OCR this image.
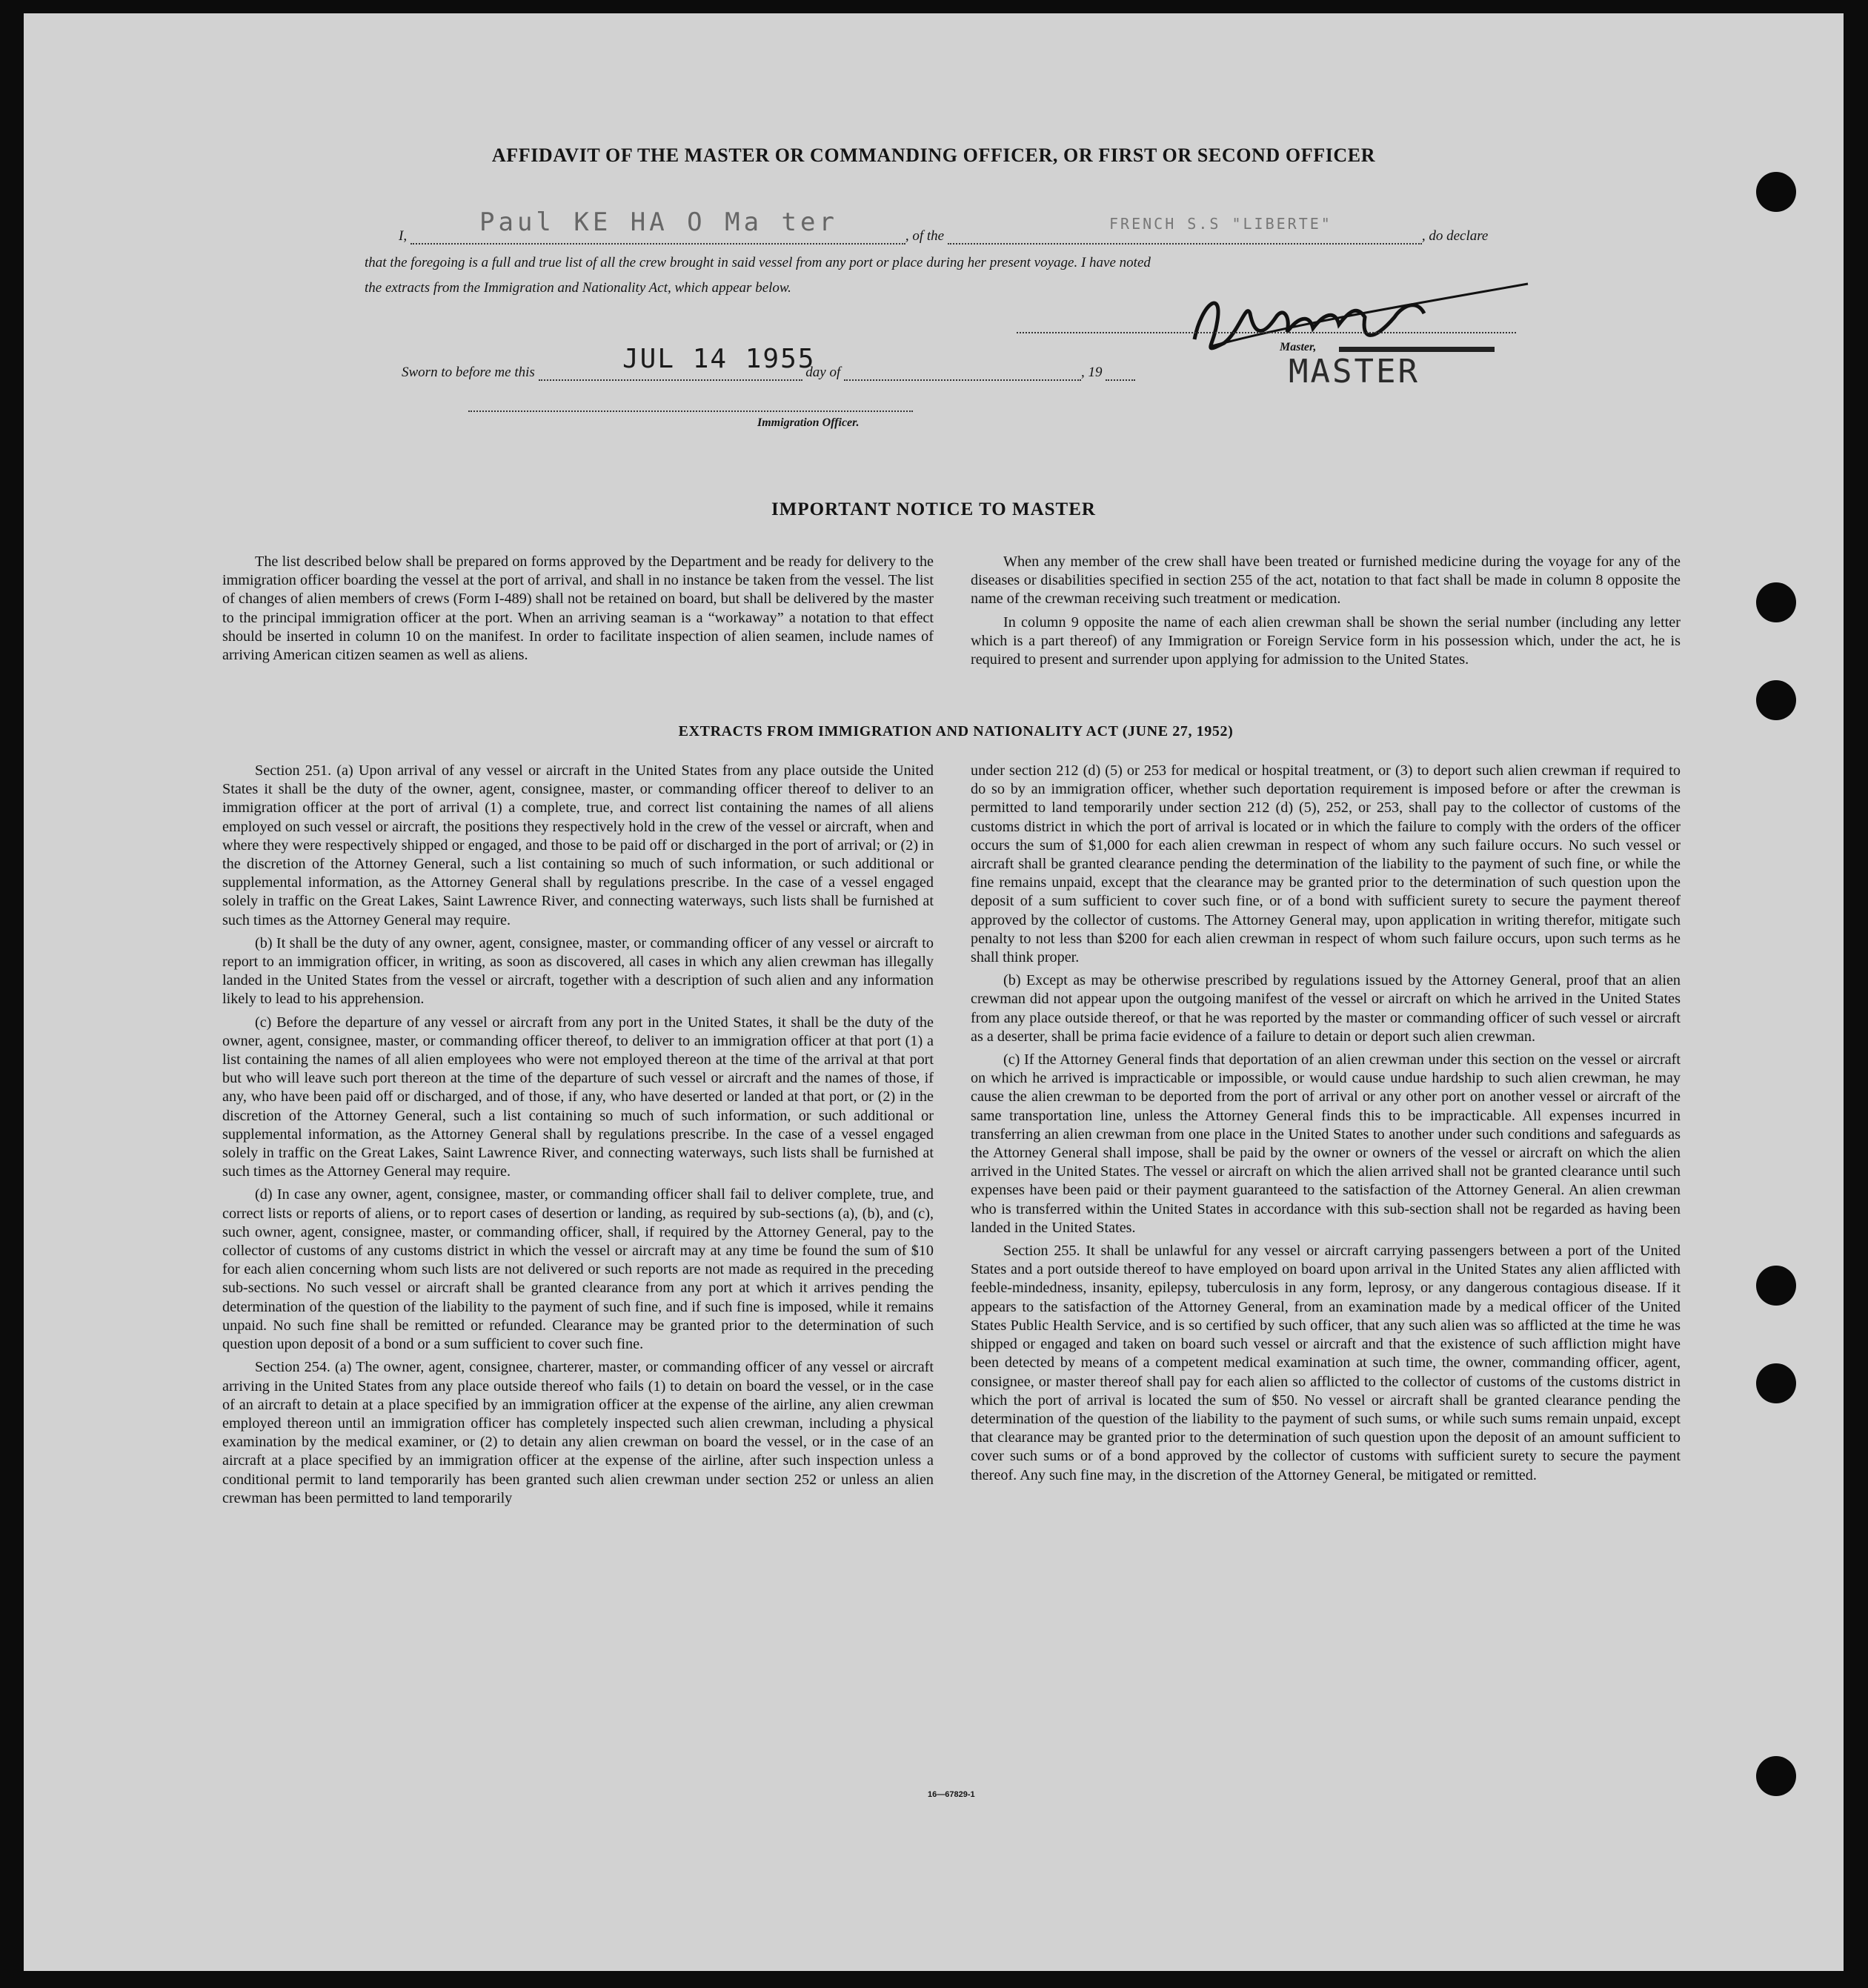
AFFIDAVIT OF THE MASTER OR COMMANDING OFFICER, OR FIRST OR SECOND OFFICER
I,	, of the	, do declare
Paul KE HA O Ma ter	FRENCH S.S "LIBERTE"
that the foregoing is a full and true list of all the crew brought in said vessel from any port or place during her present voyage. I have noted
the extracts from the Immigration and Nationality Act, which appear below.
Master,
Sworn to before me this	day of	, 19
JUL 14 1955	MASTER
Immigration Officer.
IMPORTANT NOTICE TO MASTER

The list described below shall be prepared on forms approved by the Department and be ready for delivery to the immigration officer boarding the vessel at the port of arrival, and shall in no instance be taken from the vessel. The list of changes of alien members of crews (Form I-489) shall not be retained on board, but shall be delivered by the master to the principal immigration officer at the port. When an arriving seaman is a “workaway” a notation to that effect should be inserted in column 10 on the manifest. In order to facilitate inspection of alien seamen, include names of arriving American citizen seamen as well as aliens.

When any member of the crew shall have been treated or furnished medicine during the voyage for any of the diseases or disabilities specified in section 255 of the act, notation to that fact shall be made in column 8 opposite the name of the crewman receiving such treatment or medication.

In column 9 opposite the name of each alien crewman shall be shown the serial number (including any letter which is a part thereof) of any Immigration or Foreign Service form in his possession which, under the act, he is required to present and surrender upon applying for admission to the United States.

EXTRACTS FROM IMMIGRATION AND NATIONALITY ACT (JUNE 27, 1952)

Section 251. (a) Upon arrival of any vessel or aircraft in the United States from any place outside the United States it shall be the duty of the owner, agent, consignee, master, or commanding officer thereof to deliver to an immigration officer at the port of arrival (1) a complete, true, and correct list containing the names of all aliens employed on such vessel or aircraft, the positions they respectively hold in the crew of the vessel or aircraft, when and where they were respectively shipped or engaged, and those to be paid off or discharged in the port of arrival; or (2) in the discretion of the Attorney General, such a list containing so much of such information, or such additional or supplemental information, as the Attorney General shall by regulations prescribe. In the case of a vessel engaged solely in traffic on the Great Lakes, Saint Lawrence River, and connecting waterways, such lists shall be furnished at such times as the Attorney General may require.

(b) It shall be the duty of any owner, agent, consignee, master, or commanding officer of any vessel or aircraft to report to an immigration officer, in writing, as soon as discovered, all cases in which any alien crewman has illegally landed in the United States from the vessel or aircraft, together with a description of such alien and any information likely to lead to his apprehension.

(c) Before the departure of any vessel or aircraft from any port in the United States, it shall be the duty of the owner, agent, consignee, master, or commanding officer thereof, to deliver to an immigration officer at that port (1) a list containing the names of all alien employees who were not employed thereon at the time of the arrival at that port but who will leave such port thereon at the time of the departure of such vessel or aircraft and the names of those, if any, who have been paid off or discharged, and of those, if any, who have deserted or landed at that port, or (2) in the discretion of the Attorney General, such a list containing so much of such information, or such additional or supplemental information, as the Attorney General shall by regulations prescribe. In the case of a vessel engaged solely in traffic on the Great Lakes, Saint Lawrence River, and connecting waterways, such lists shall be furnished at such times as the Attorney General may require.

(d) In case any owner, agent, consignee, master, or commanding officer shall fail to deliver complete, true, and correct lists or reports of aliens, or to report cases of desertion or landing, as required by sub-sections (a), (b), and (c), such owner, agent, consignee, master, or commanding officer, shall, if required by the Attorney General, pay to the collector of customs of any customs district in which the vessel or aircraft may at any time be found the sum of $10 for each alien concerning whom such lists are not delivered or such reports are not made as required in the preceding sub-sections. No such vessel or aircraft shall be granted clearance from any port at which it arrives pending the determination of the question of the liability to the payment of such fine, and if such fine is imposed, while it remains unpaid. No such fine shall be remitted or refunded. Clearance may be granted prior to the determination of such question upon deposit of a bond or a sum sufficient to cover such fine.

Section 254. (a) The owner, agent, consignee, charterer, master, or commanding officer of any vessel or aircraft arriving in the United States from any place outside thereof who fails (1) to detain on board the vessel, or in the case of an aircraft to detain at a place specified by an immigration officer at the expense of the airline, any alien crewman employed thereon until an immigration officer has completely inspected such alien crewman, including a physical examination by the medical examiner, or (2) to detain any alien crewman on board the vessel, or in the case of an aircraft at a place specified by an immigration officer at the expense of the airline, after such inspection unless a conditional permit to land temporarily has been granted such alien crewman under section 252 or unless an alien crewman has been permitted to land temporarily

under section 212 (d) (5) or 253 for medical or hospital treatment, or (3) to deport such alien crewman if required to do so by an immigration officer, whether such deportation requirement is imposed before or after the crewman is permitted to land temporarily under section 212 (d) (5), 252, or 253, shall pay to the collector of customs of the customs district in which the port of arrival is located or in which the failure to comply with the orders of the officer occurs the sum of $1,000 for each alien crewman in respect of whom any such failure occurs. No such vessel or aircraft shall be granted clearance pending the determination of the liability to the payment of such fine, or while the fine remains unpaid, except that the clearance may be granted prior to the determination of such question upon the deposit of a sum sufficient to cover such fine, or of a bond with sufficient surety to secure the payment thereof approved by the collector of customs. The Attorney General may, upon application in writing therefor, mitigate such penalty to not less than $200 for each alien crewman in respect of whom such failure occurs, upon such terms as he shall think proper.

(b) Except as may be otherwise prescribed by regulations issued by the Attorney General, proof that an alien crewman did not appear upon the outgoing manifest of the vessel or aircraft on which he arrived in the United States from any place outside thereof, or that he was reported by the master or commanding officer of such vessel or aircraft as a deserter, shall be prima facie evidence of a failure to detain or deport such alien crewman.

(c) If the Attorney General finds that deportation of an alien crewman under this section on the vessel or aircraft on which he arrived is impracticable or impossible, or would cause undue hardship to such alien crewman, he may cause the alien crewman to be deported from the port of arrival or any other port on another vessel or aircraft of the same transportation line, unless the Attorney General finds this to be impracticable. All expenses incurred in transferring an alien crewman from one place in the United States to another under such conditions and safeguards as the Attorney General shall impose, shall be paid by the owner or owners of the vessel or aircraft on which the alien arrived in the United States. The vessel or aircraft on which the alien arrived shall not be granted clearance until such expenses have been paid or their payment guaranteed to the satisfaction of the Attorney General. An alien crewman who is transferred within the United States in accordance with this sub-section shall not be regarded as having been landed in the United States.

Section 255. It shall be unlawful for any vessel or aircraft carrying passengers between a port of the United States and a port outside thereof to have employed on board upon arrival in the United States any alien afflicted with feeble-mindedness, insanity, epilepsy, tuberculosis in any form, leprosy, or any dangerous contagious disease. If it appears to the satisfaction of the Attorney General, from an examination made by a medical officer of the United States Public Health Service, and is so certified by such officer, that any such alien was so afflicted at the time he was shipped or engaged and taken on board such vessel or aircraft and that the existence of such affliction might have been detected by means of a competent medical examination at such time, the owner, commanding officer, agent, consignee, or master thereof shall pay for each alien so afflicted to the collector of customs of the customs district in which the port of arrival is located the sum of $50. No vessel or aircraft shall be granted clearance pending the determination of the question of the liability to the payment of such sums, or while such sums remain unpaid, except that clearance may be granted prior to the determination of such question upon the deposit of an amount sufficient to cover such sums or of a bond approved by the collector of customs with sufficient surety to secure the payment thereof. Any such fine may, in the discretion of the Attorney General, be mitigated or remitted.

16—67829-1
